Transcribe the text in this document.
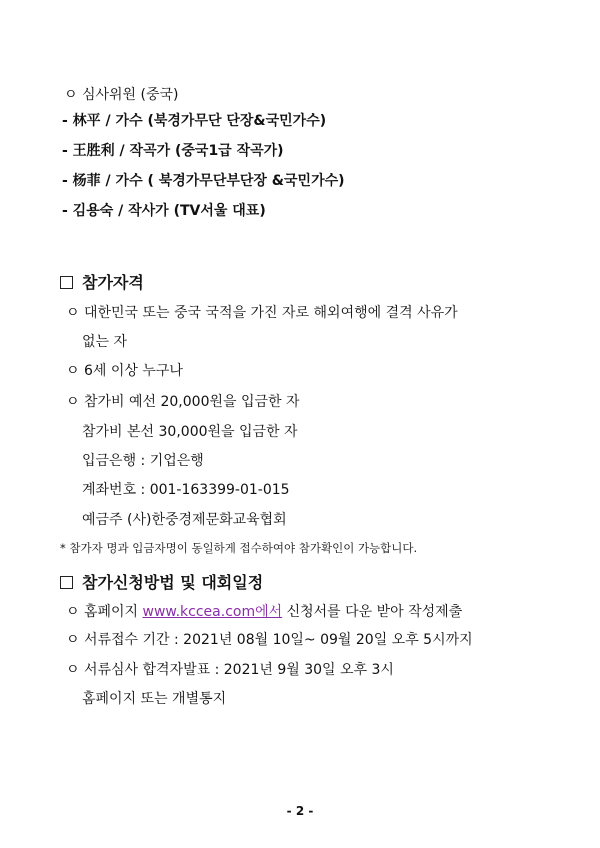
ㅇ 심사위원 (중국)
- 林平 / 가수 (북경가무단 단장&국민가수)
- 王胜利 / 작곡가 (중국1급 작곡가)
- 杨菲 / 가수 ( 북경가무단부단장 &국민가수)
- 김용숙 / 작사가 (TV서울 대표)
참가자격
ㅇ 대한민국 또는 중국 국적을 가진 자로 해외여행에 결격 사유가
없는 자
ㅇ 6세 이상 누구나
ㅇ 참가비 예선 20,000원을 입금한 자
참가비 본선 30,000원을 입금한 자
입금은행 : 기업은행
계좌번호 : 001-163399-01-015
예금주 (사)한중경제문화교육협회
* 참가자 명과 입금자명이 동일하게 접수하여야 참가확인이 가능합니다.
참가신청방법 및 대회일정
ㅇ 홈페이지 www.kccea.com에서 신청서를 다운 받아 작성제출
ㅇ 서류접수 기간 : 2021년 08월 10일~ 09월 20일 오후 5시까지
ㅇ 서류심사 합격자발표 : 2021년 9월 30일 오후 3시
홈페이지 또는 개별통지
- 2 -
